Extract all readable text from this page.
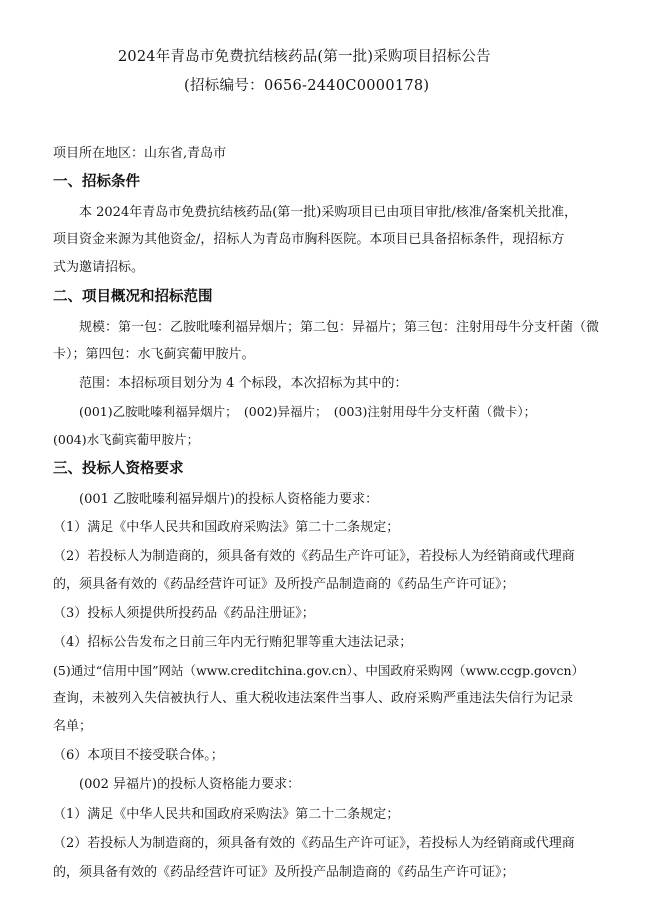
2024年青岛市免费抗结核药品(第一批)采购项目招标公告
(招标编号：0656-2440C0000178)
项目所在地区：山东省,青岛市
一、招标条件
本 2024年青岛市免费抗结核药品(第一批)采购项目已由项目审批/核准/备案机关批准，
项目资金来源为其他资金/，招标人为青岛市胸科医院。本项目已具备招标条件，现招标方
式为邀请招标。
二、项目概况和招标范围
规模：第一包：乙胺吡嗪利福异烟片；第二包：异福片；第三包：注射用母牛分支杆菌（微
卡）；第四包：水飞蓟宾葡甲胺片。
范围：本招标项目划分为 4 个标段，本次招标为其中的：
(001)乙胺吡嗪利福异烟片；　(002)异福片；　(003)注射用母牛分支杆菌（微卡）；
(004)水飞蓟宾葡甲胺片；
三、投标人资格要求
(001 乙胺吡嗪利福异烟片)的投标人资格能力要求：
（1）满足《中华人民共和国政府采购法》第二十二条规定；
（2）若投标人为制造商的，须具备有效的《药品生产许可证》，若投标人为经销商或代理商
的，须具备有效的《药品经营许可证》及所投产品制造商的《药品生产许可证》；
（3）投标人须提供所投药品《药品注册证》；
（4）招标公告发布之日前三年内无行贿犯罪等重大违法记录；
(5)通过“信用中国”网站（www.creditchina.gov.cn）、中国政府采购网（www.ccgp.govcn）
查询，未被列入失信被执行人、重大税收违法案件当事人、政府采购严重违法失信行为记录
名单；
（6）本项目不接受联合体。；
(002 异福片)的投标人资格能力要求：
（1）满足《中华人民共和国政府采购法》第二十二条规定；
（2）若投标人为制造商的，须具备有效的《药品生产许可证》，若投标人为经销商或代理商
的，须具备有效的《药品经营许可证》及所投产品制造商的《药品生产许可证》；
